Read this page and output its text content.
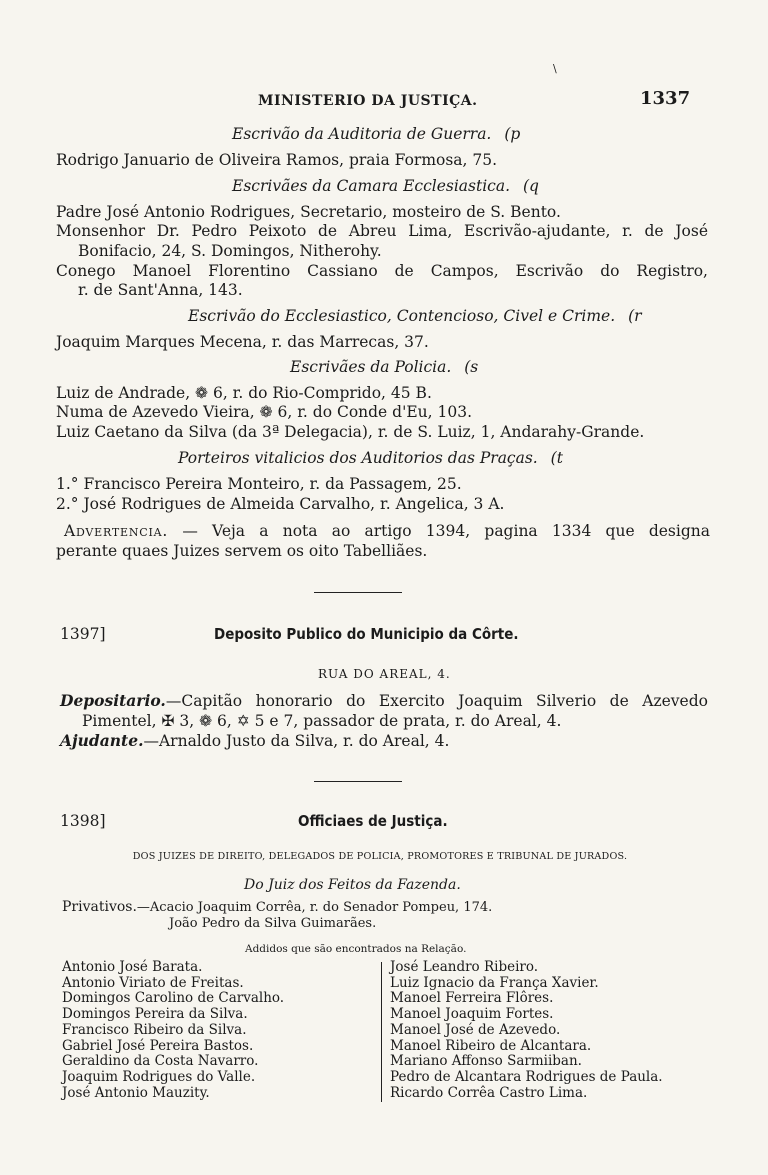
MINISTERIO DA JUSTIÇA.	1337
\
Escrivão da Auditoria de Guerra. (p
Rodrigo Januario de Oliveira Ramos, praia Formosa, 75.
Escrivães da Camara Ecclesiastica. (q
Padre José Antonio Rodrigues, Secretario, mosteiro de S. Bento.
Monsenhor Dr. Pedro Peixoto de Abreu Lima, Escrivão-ajudante, r. de José
Bonifacio, 24, S. Domingos, Nitherohy.
Conego Manoel Florentino Cassiano de Campos, Escrivão do Registro,
r. de Sant'Anna, 143.
Escrivão do Ecclesiastico, Contencioso, Civel e Crime. (r
Joaquim Marques Mecena, r. das Marrecas, 37.
Escrivães da Policia. (s
Luiz de Andrade, ❁ 6, r. do Rio-Comprido, 45 B.
Numa de Azevedo Vieira, ❁ 6, r. do Conde d'Eu, 103.
Luiz Caetano da Silva (da 3ª Delegacia), r. de S. Luiz, 1, Andarahy-Grande.
Porteiros vitalicios dos Auditorios das Praças. (t
1.° Francisco Pereira Monteiro, r. da Passagem, 25.
2.° José Rodrigues de Almeida Carvalho, r. Angelica, 3 A.
Advertencia. — Veja a nota ao artigo 1394, pagina 1334 que designa
perante quaes Juizes servem os oito Tabelliães.
1397]	Deposito Publico do Municipio da Côrte.
RUA DO AREAL, 4.
Depositario.—Capitão honorario do Exercito Joaquim Silverio de Azevedo
Pimentel, ✠ 3, ❁ 6, ✡ 5 e 7, passador de prata, r. do Areal, 4.
Ajudante.—Arnaldo Justo da Silva, r. do Areal, 4.
1398]	Officiaes de Justiça.
DOS JUIZES DE DIREITO, DELEGADOS DE POLICIA, PROMOTORES E TRIBUNAL DE JURADOS.
Do Juiz dos Feitos da Fazenda.
Privativos.—Acacio Joaquim Corrêa, r. do Senador Pompeu, 174.
João Pedro da Silva Guimarães.
Addidos que são encontrados na Relação.
Antonio José Barata.
Antonio Viriato de Freitas.
Domingos Carolino de Carvalho.
Domingos Pereira da Silva.
Francisco Ribeiro da Silva.
Gabriel José Pereira Bastos.
Geraldino da Costa Navarro.
Joaquim Rodrigues do Valle.
José Antonio Mauzity.
José Leandro Ribeiro.
Luiz Ignacio da França Xavier.
Manoel Ferreira Flôres.
Manoel Joaquim Fortes.
Manoel José de Azevedo.
Manoel Ribeiro de Alcantara.
Mariano Affonso Sarmiiban.
Pedro de Alcantara Rodrigues de Paula.
Ricardo Corrêa Castro Lima.
